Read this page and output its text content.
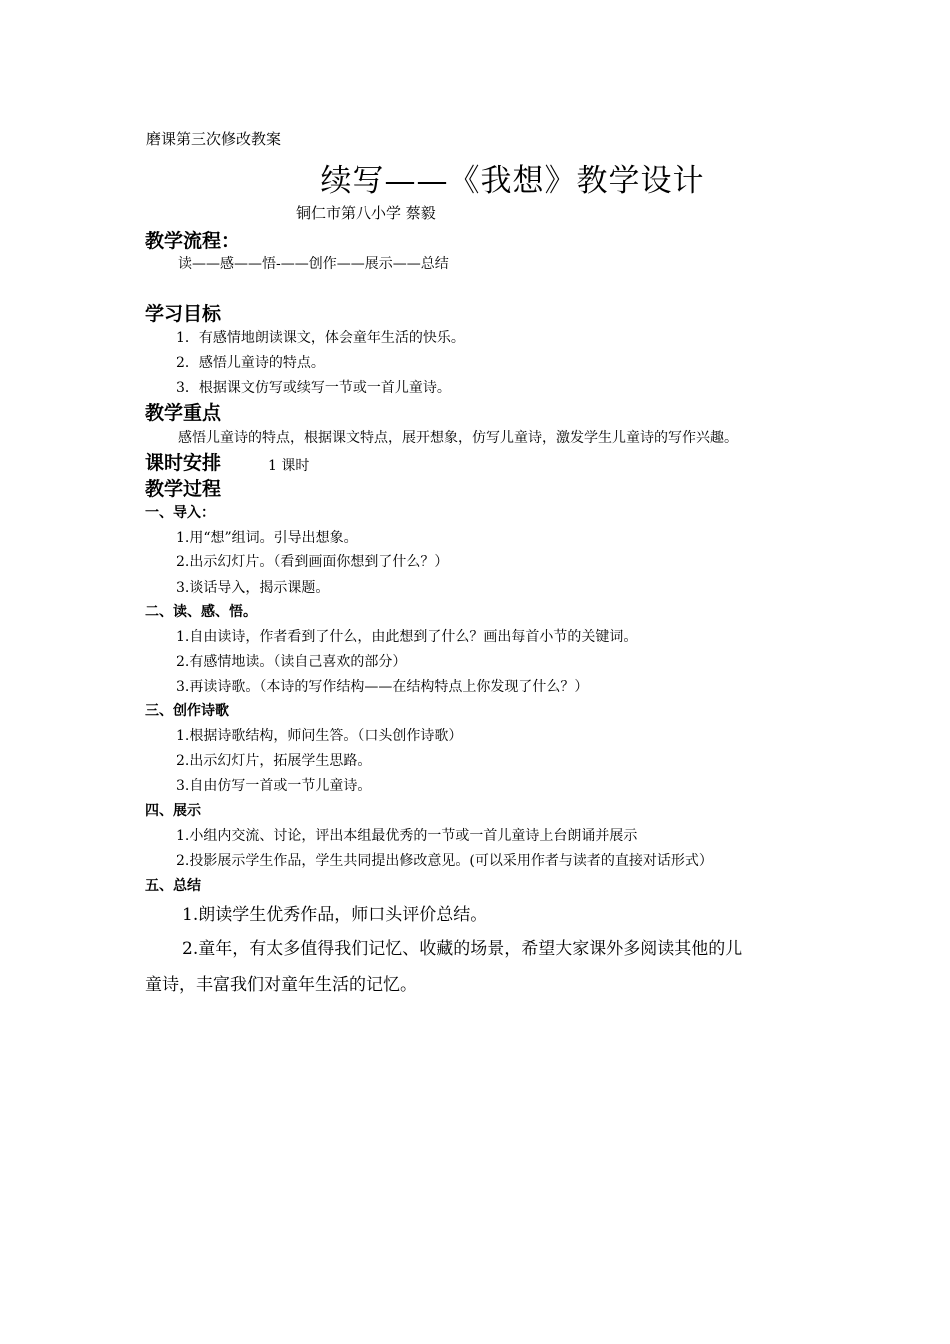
磨课第三次修改教案
续写——《我想》教学设计
铜仁市第八小学 蔡毅
教学流程：
读——感——悟-——创作——展示——总结
学习目标
1．有感情地朗读课文，体会童年生活的快乐。
2．感悟儿童诗的特点。
3．根据课文仿写或续写一节或一首儿童诗。
教学重点
感悟儿童诗的特点，根据课文特点，展开想象，仿写儿童诗，激发学生儿童诗的写作兴趣。
课时安排	1 课时
教学过程
一、导入：
1.用“想”组词。引导出想象。
2.出示幻灯片。（看到画面你想到了什么？）
3.谈话导入，揭示课题。
二、读、感、悟。
1.自由读诗，作者看到了什么，由此想到了什么？画出每首小节的关键词。
2.有感情地读。（读自己喜欢的部分）
3.再读诗歌。（本诗的写作结构——在结构特点上你发现了什么？）
三、创作诗歌
1.根据诗歌结构，师问生答。（口头创作诗歌）
2.出示幻灯片，拓展学生思路。
3.自由仿写一首或一节儿童诗。
四、展示
1.小组内交流、讨论，评出本组最优秀的一节或一首儿童诗上台朗诵并展示
2.投影展示学生作品，学生共同提出修改意见。(可以采用作者与读者的直接对话形式）
五、总结
1.朗读学生优秀作品，师口头评价总结。
2.童年，有太多值得我们记忆、收藏的场景，希望大家课外多阅读其他的儿
童诗，丰富我们对童年生活的记忆。
